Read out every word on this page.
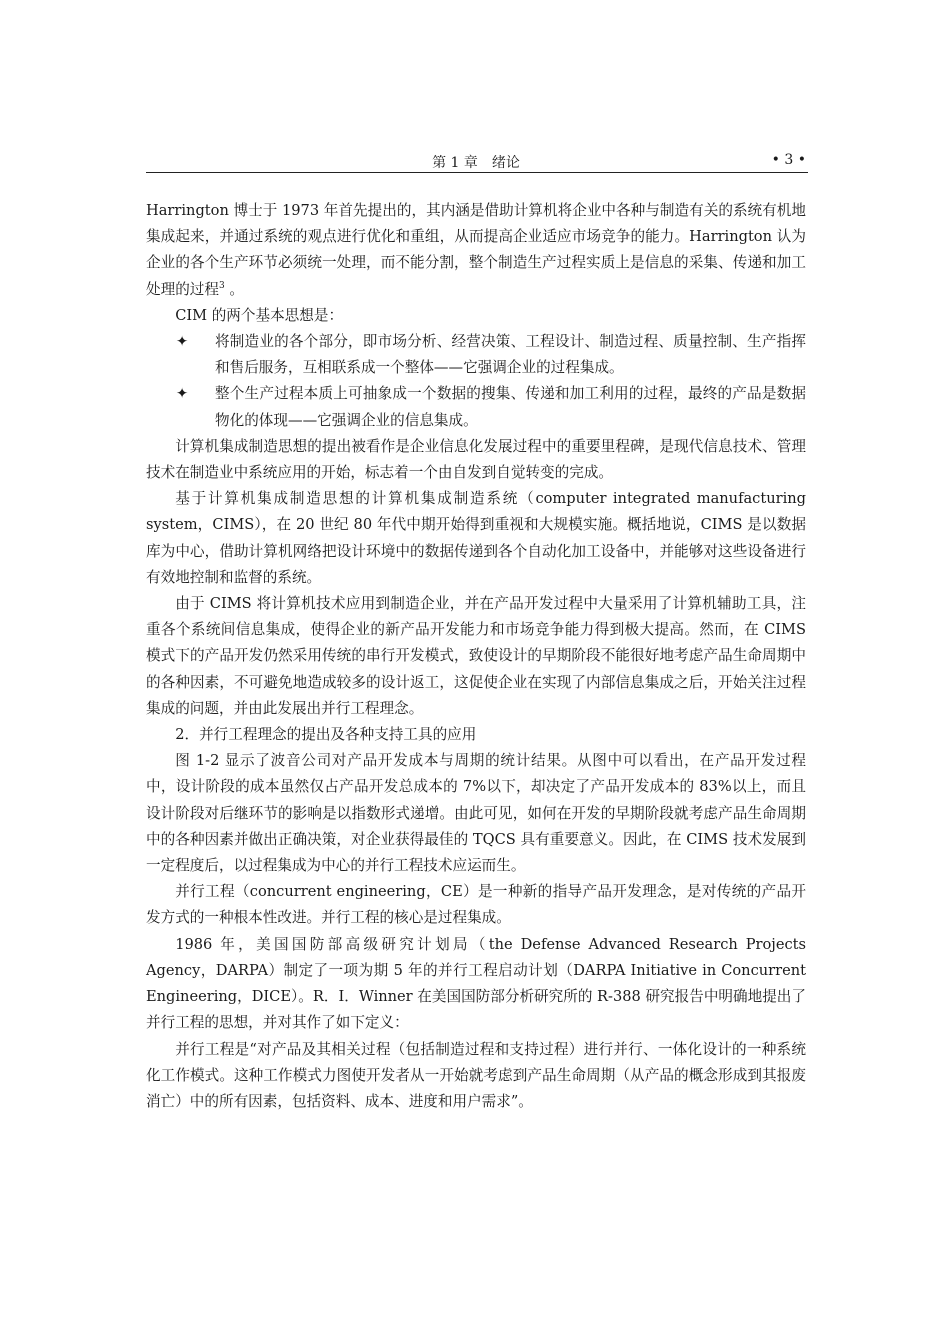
第 1 章　绪论	• 3 •

Harrington 博士于 1973 年首先提出的，其内涵是借助计算机将企业中各种与制造有关的系统有机地集成起来，并通过系统的观点进行优化和重组，从而提高企业适应市场竞争的能力。Harrington 认为企业的各个生产环节必须统一处理，而不能分割，整个制造生产过程实质上是信息的采集、传递和加工处理的过程$^3$ 。

CIM 的两个基本思想是：

✦ 将制造业的各个部分，即市场分析、经营决策、工程设计、制造过程、质量控制、生产指挥和售后服务，互相联系成一个整体——它强调企业的过程集成。

✦ 整个生产过程本质上可抽象成一个数据的搜集、传递和加工利用的过程，最终的产品是数据物化的体现——它强调企业的信息集成。

计算机集成制造思想的提出被看作是企业信息化发展过程中的重要里程碑，是现代信息技术、管理技术在制造业中系统应用的开始，标志着一个由自发到自觉转变的完成。

基于计算机集成制造思想的计算机集成制造系统（computer integrated manufacturing system，CIMS），在 20 世纪 80 年代中期开始得到重视和大规模实施。概括地说，CIMS 是以数据库为中心，借助计算机网络把设计环境中的数据传递到各个自动化加工设备中，并能够对这些设备进行有效地控制和监督的系统。

由于 CIMS 将计算机技术应用到制造企业，并在产品开发过程中大量采用了计算机辅助工具，注重各个系统间信息集成，使得企业的新产品开发能力和市场竞争能力得到极大提高。然而，在 CIMS 模式下的产品开发仍然采用传统的串行开发模式，致使设计的早期阶段不能很好地考虑产品生命周期中的各种因素，不可避免地造成较多的设计返工，这促使企业在实现了内部信息集成之后，开始关注过程集成的问题，并由此发展出并行工程理念。

2．并行工程理念的提出及各种支持工具的应用

图 1-2 显示了波音公司对产品开发成本与周期的统计结果。从图中可以看出，在产品开发过程中，设计阶段的成本虽然仅占产品开发总成本的 7%以下，却决定了产品开发成本的 83%以上，而且设计阶段对后继环节的影响是以指数形式递增。由此可见，如何在开发的早期阶段就考虑产品生命周期中的各种因素并做出正确决策，对企业获得最佳的 TQCS 具有重要意义。因此，在 CIMS 技术发展到一定程度后，以过程集成为中心的并行工程技术应运而生。

并行工程（concurrent engineering，CE）是一种新的指导产品开发理念，是对传统的产品开发方式的一种根本性改进。并行工程的核心是过程集成。

1986 年，美国国防部高级研究计划局（the Defense Advanced Research Projects Agency，DARPA）制定了一项为期 5 年的并行工程启动计划（DARPA Initiative in Concurrent Engineering，DICE）。R．I．Winner 在美国国防部分析研究所的 R-388 研究报告中明确地提出了并行工程的思想，并对其作了如下定义：

并行工程是“对产品及其相关过程（包括制造过程和支持过程）进行并行、一体化设计的一种系统化工作模式。这种工作模式力图使开发者从一开始就考虑到产品生命周期（从产品的概念形成到其报废消亡）中的所有因素，包括资料、成本、进度和用户需求”。
